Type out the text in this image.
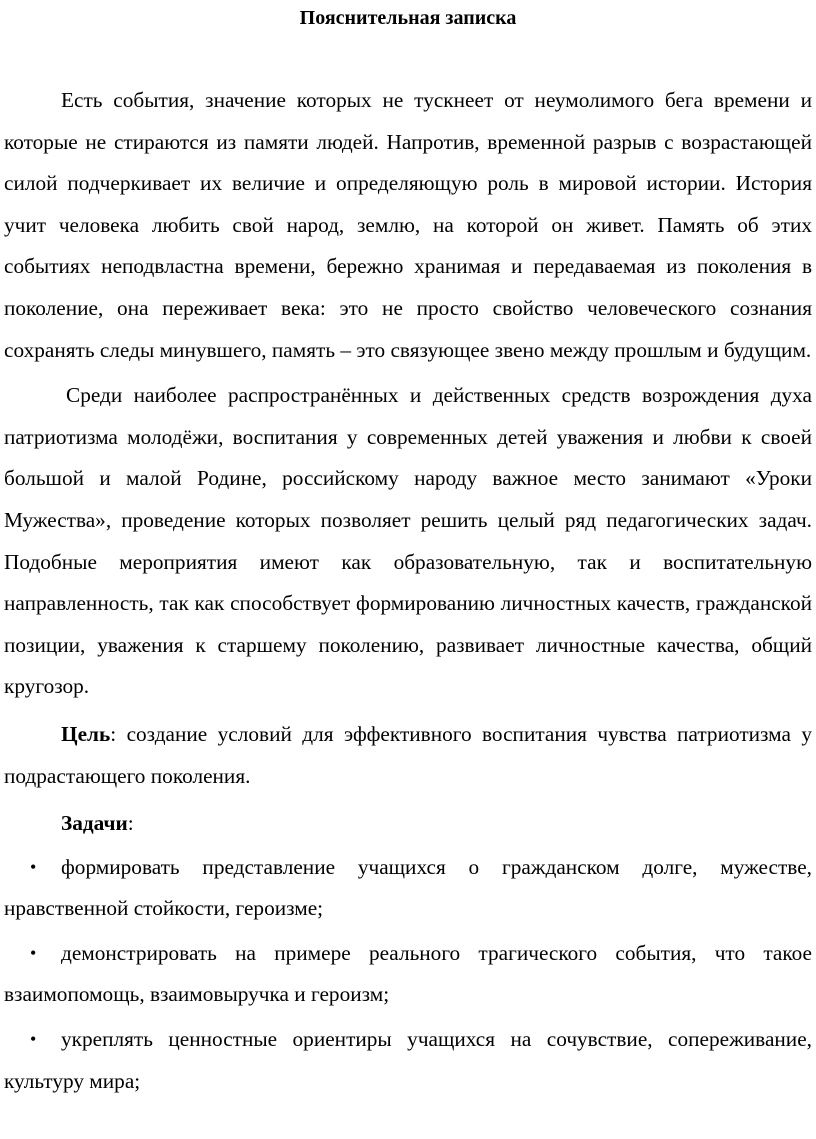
Пояснительная записка

Есть события, значение которых не тускнеет от неумолимого бега времени и которые не стираются из памяти людей. Напротив, временной разрыв с возрастающей силой подчеркивает их величие и определяющую роль в мировой истории. История учит человека любить свой народ, землю, на которой он живет. Память об этих событиях неподвластна времени, бережно хранимая и передаваемая из поколения в поколение, она переживает века: это не просто свойство человеческого сознания сохранять следы минувшего, память – это связующее звено между прошлым и будущим.

Среди наиболее распространённых и действенных средств возрождения духа патриотизма молодёжи, воспитания у современных детей уважения и любви к своей большой и малой Родине, российскому народу важное место занимают «Уроки Мужества», проведение которых позволяет решить целый ряд педагогических задач. Подобные мероприятия имеют как образовательную, так и воспитательную направленность, так как способствует формированию личностных качеств, гражданской позиции, уважения к старшему поколению, развивает личностные качества, общий кругозор.

Цель: создание условий для эффективного воспитания чувства патриотизма у подрастающего поколения.

Задачи:

• формировать представление учащихся о гражданском долге, мужестве, нравственной стойкости, героизме;
• демонстрировать на примере реального трагического события, что такое взаимопомощь, взаимовыручка и героизм;
• укреплять ценностные ориентиры учащихся на сочувствие, сопереживание, культуру мира;
